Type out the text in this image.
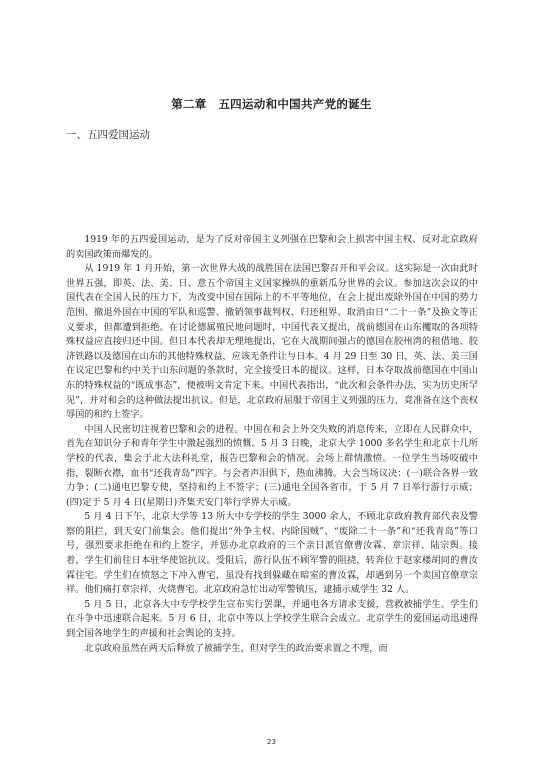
第二章　五四运动和中国共产党的诞生
一、五四爱国运动

1919 年的五四爱国运动，是为了反对帝国主义列强在巴黎和会上损害中国主权、反对北京政府的卖国政策而爆发的。

从 1919 年 1 月开始，第一次世界大战的战胜国在法国巴黎召开和平会议。这实际是一次由此时世界五强，即英、法、美、日、意五个帝国主义国家操纵的重新瓜分世界的会议。参加这次会议的中国代表在全国人民的压力下，为改变中国在国际上的不平等地位，在会上提出废除外国在中国的势力范围、撤退外国在中国的军队和巡警、撤销领事裁判权、归还租界、取消由日“二十一条”及换文等正义要求，但都遭到拒绝。在讨论德属殖民地问题时，中国代表又提出，战前德国在山东攫取的各项特殊权益应直接归还中国。但日本代表却无理地提出，它在大战期间强占的德国在胶州湾的租借地、胶济铁路以及德国在山东的其他特殊权益，应该无条件让与日本。4 月 29 日至 30 日，英、法、美三国在议定巴黎和约中关于山东问题的条款时，完全接受日本的提议。这样，日本夺取战前德国在中国山东的特殊权益的“既成事态”，便被明文肯定下来。中国代表指出，“此次和会条件办法，实为历史所罕见”，并对和会的这种做法提出抗议。但是，北京政府屈服于帝国主义列强的压力，竟准备在这个丧权辱国的和约上签字。

中国人民密切注视着巴黎和会的进程。中国在和会上外交失败的消息传来，立即在人民群众中，首先在知识分子和青年学生中激起强烈的愤慨。5 月 3 日晚，北京大学 1000 多名学生和北京十几所学校的代表，集会于北大法科礼堂，报告巴黎和会的情况。会场上群情激愤。一位学生当场咬破中指，裂断衣襟，血书“还我青岛”四字。与会者声泪俱下，热血沸腾。大会当场议决：(一)联合各界一致力争；(二)通电巴黎专使，坚持和约上不签字；(三)通电全国各省市，于 5 月 7 日举行游行示威；(四)定于 5 月 4 日(星期日)齐集天安门举行学界大示威。

5 月 4 日下午，北京大学等 13 所大中专学校的学生 3000 余人，不顾北京政府教育部代表及警察的阻拦，到天安门前集会。他们提出“外争主权、内除国贼”、“废除二十一条”和“还我青岛”等口号，强烈要求拒绝在和约上签字，并惩办北京政府的三个亲日派官僚曹汝霖、章宗祥、陆宗舆。接着，学生们前往日本驻华使馆抗议。受阻后，游行队伍不顾军警的阻挠，转奔位于赵家楼胡同的曹汝霖住宅。学生们在愤怒之下冲入曹宅，虽没有找到躲藏在暗室的曹汝霖，却遇到另一个卖国官僚章宗祥。他们痛打章宗祥，火烧曹宅。北京政府急忙出动军警镇压，逮捕示威学生 32 人。

5 月 5 日，北京各大中专学校学生宣布实行罢课，并通电各方请求支援，营救被捕学生。学生们在斗争中迅速联合起来。5 月 6 日，北京中等以上学校学生联合会成立。北京学生的爱国运动迅速得到全国各地学生的声援和社会舆论的支持。

北京政府虽然在两天后释放了被捕学生，但对学生的政治要求置之不理，而

23
